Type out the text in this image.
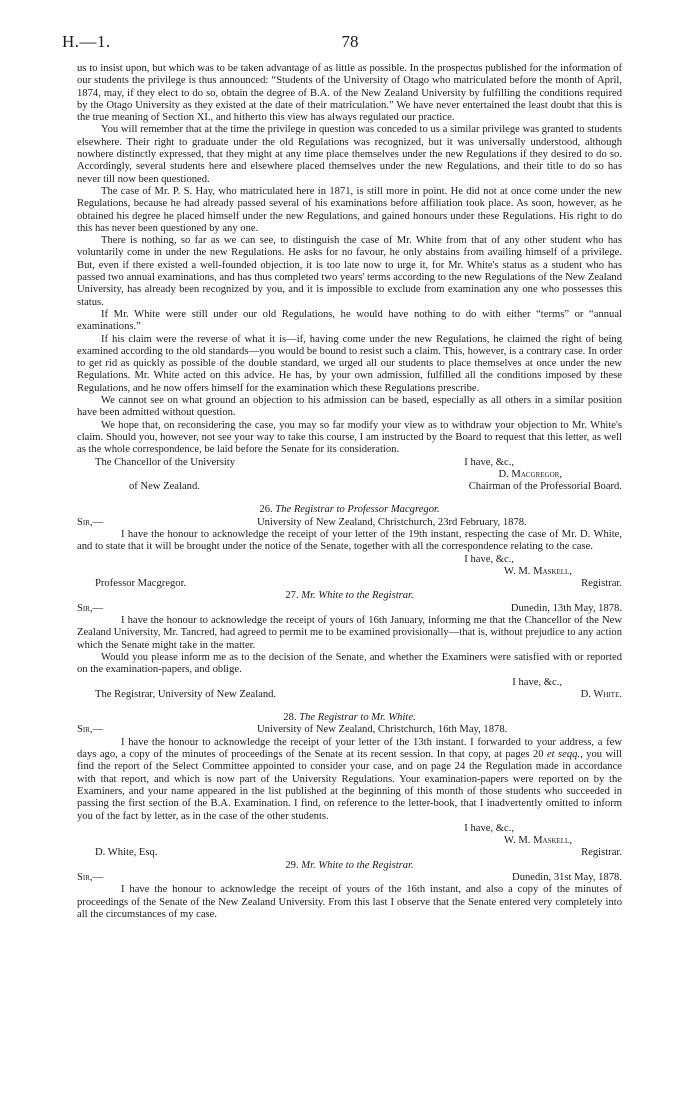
H.—1.	78

us to insist upon, but which was to be taken advantage of as little as possible. In the prospectus published for the information of our students the privilege is thus announced: “Students of the University of Otago who matriculated before the month of April, 1874, may, if they elect to do so, obtain the degree of B.A. of the New Zealand University by fulfilling the conditions required by the Otago University as they existed at the date of their matriculation.” We have never entertained the least doubt that this is the true meaning of Section XI., and hitherto this view has always regulated our practice.

You will remember that at the time the privilege in question was conceded to us a similar privilege was granted to students elsewhere. Their right to graduate under the old Regulations was recognized, but it was universally understood, although nowhere distinctly expressed, that they might at any time place themselves under the new Regulations if they desired to do so. Accordingly, several students here and elsewhere placed themselves under the new Regulations, and their title to do so has never till now been questioned.

The case of Mr. P. S. Hay, who matriculated here in 1871, is still more in point. He did not at once come under the new Regulations, because he had already passed several of his examinations before affiliation took place. As soon, however, as he obtained his degree he placed himself under the new Regulations, and gained honours under these Regulations. His right to do this has never been questioned by any one.

There is nothing, so far as we can see, to distinguish the case of Mr. White from that of any other student who has voluntarily come in under the new Regulations. He asks for no favour, he only abstains from availing himself of a privilege. But, even if there existed a well-founded objection, it is too late now to urge it, for Mr. White's status as a student who has passed two annual examinations, and has thus completed two years' terms according to the new Regulations of the New Zealand University, has already been recognized by you, and it is impossible to exclude from examination any one who possesses this status.

If Mr. White were still under our old Regulations, he would have nothing to do with either “terms” or “annual examinations.”

If his claim were the reverse of what it is—if, having come under the new Regulations, he claimed the right of being examined according to the old standards—you would be bound to resist such a claim. This, however, is a contrary case. In order to get rid as quickly as possible of the double standard, we urged all our students to place themselves at once under the new Regulations. Mr. White acted on this advice. He has, by your own admission, fulfilled all the conditions imposed by these Regulations, and he now offers himself for the examination which these Regulations prescribe.

We cannot see on what ground an objection to his admission can be based, especially as all others in a similar position have been admitted without question.

We hope that, on reconsidering the case, you may so far modify your view as to withdraw your objection to Mr. White's claim. Should you, however, not see your way to take this course, I am instructed by the Board to request that this letter, as well as the whole correspondence, be laid before the Senate for its consideration.

The Chancellor of the University	I have, &c.,
D. Macgregor,
of New Zealand.	Chairman of the Professorial Board.
26. The Registrar to Professor Macgregor.
Sir,—	University of New Zealand, Christchurch, 23rd February, 1878.

I have the honour to acknowledge the receipt of your letter of the 19th instant, respecting the case of Mr. D. White, and to state that it will be brought under the notice of the Senate, together with all the correspondence relating to the case.

I have, &c.,
W. M. Maskell,
Professor Macgregor.	Registrar.
27. Mr. White to the Registrar.
Sir,—	Dunedin, 13th May, 1878.

I have the honour to acknowledge the receipt of yours of 16th January, informing me that the Chancellor of the New Zealand University, Mr. Tancred, had agreed to permit me to be examined provisionally—that is, without prejudice to any action which the Senate might take in the matter.

Would you please inform me as to the decision of the Senate, and whether the Examiners were satisfied with or reported on the examination-papers, and oblige.

I have, &c.,
The Registrar, University of New Zealand.	D. White.
28. The Registrar to Mr. White.
Sir,—	University of New Zealand, Christchurch, 16th May, 1878.

I have the honour to acknowledge the receipt of your letter of the 13th instant. I forwarded to your address, a few days ago, a copy of the minutes of proceedings of the Senate at its recent session. In that copy, at pages 20 et seqq., you will find the report of the Select Committee appointed to consider your case, and on page 24 the Regulation made in accordance with that report, and which is now part of the University Regulations. Your examination-papers were reported on by the Examiners, and your name appeared in the list published at the beginning of this month of those students who succeeded in passing the first section of the B.A. Examination. I find, on reference to the letter-book, that I inadvertently omitted to inform you of the fact by letter, as in the case of the other students.

I have, &c.,
W. M. Maskell,
D. White, Esq.	Registrar.
29. Mr. White to the Registrar.
Sir,—	Dunedin, 31st May, 1878.

I have the honour to acknowledge the receipt of yours of the 16th instant, and also a copy of the minutes of proceedings of the Senate of the New Zealand University. From this last I observe that the Senate entered very completely into all the circumstances of my case.
